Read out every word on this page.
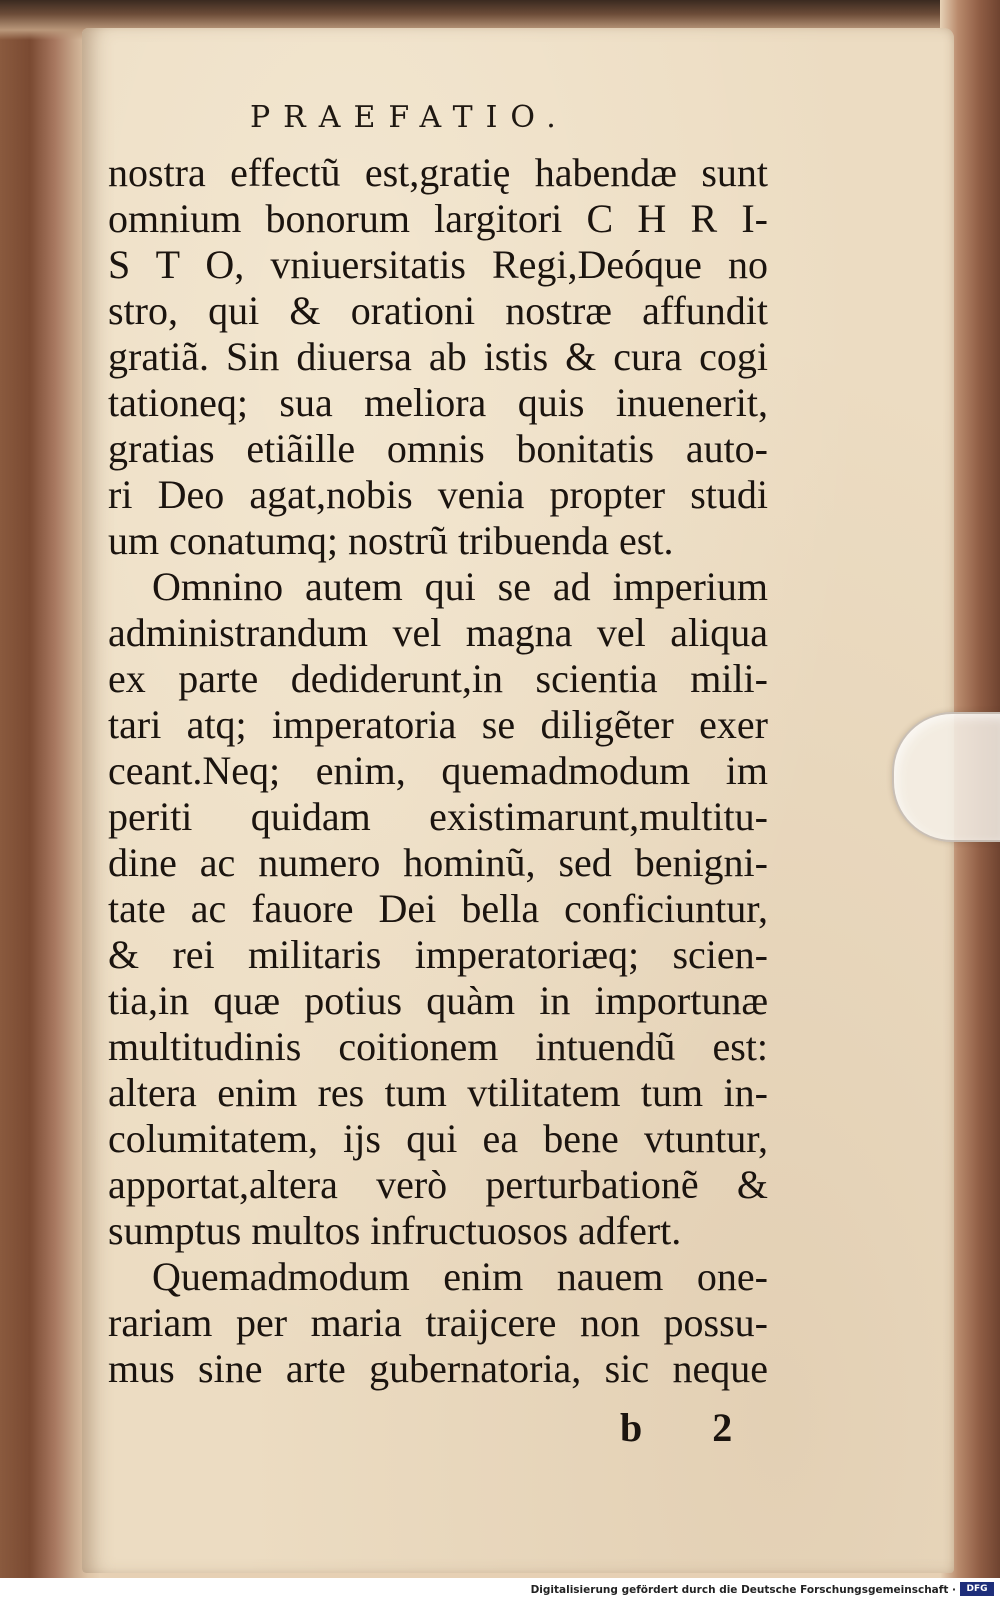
PRAEFATIO.
nostra effectũ est,gratię habendæ sunt
omnium bonorum largitori C H R I-
S T O, vniuersitatis Regi,Deóque no
stro, qui & orationi nostræ affundit
gratiã. Sin diuersa ab istis & cura cogi
tationeq; sua meliora quis inuenerit,
gratias etiãille omnis bonitatis auto-
ri Deo agat,nobis venia propter studi
um conatumq; nostrũ tribuenda est.
Omnino autem qui se ad imperium
administrandum vel magna vel aliqua
ex parte dediderunt,in scientia mili-
tari atq; imperatoria se diligẽter exer
ceant.Neq; enim, quemadmodum im
periti quidam existimarunt,multitu-
dine ac numero hominũ, sed benigni-
tate ac fauore Dei bella conficiuntur,
& rei militaris imperatoriæq; scien-
tia,in quæ potius quàm in importunæ
multitudinis coitionem intuendũ est:
altera enim res tum vtilitatem tum in-
columitatem, ijs qui ea bene vtuntur,
apportat,altera verò perturbationẽ &
sumptus multos infructuosos adfert.
Quemadmodum enim nauem one-
rariam per maria traijcere non possu-
mus sine arte gubernatoria, sic neque
b 2
Digitalisierung gefördert durch die Deutsche Forschungsgemeinschaft ·	DFG
